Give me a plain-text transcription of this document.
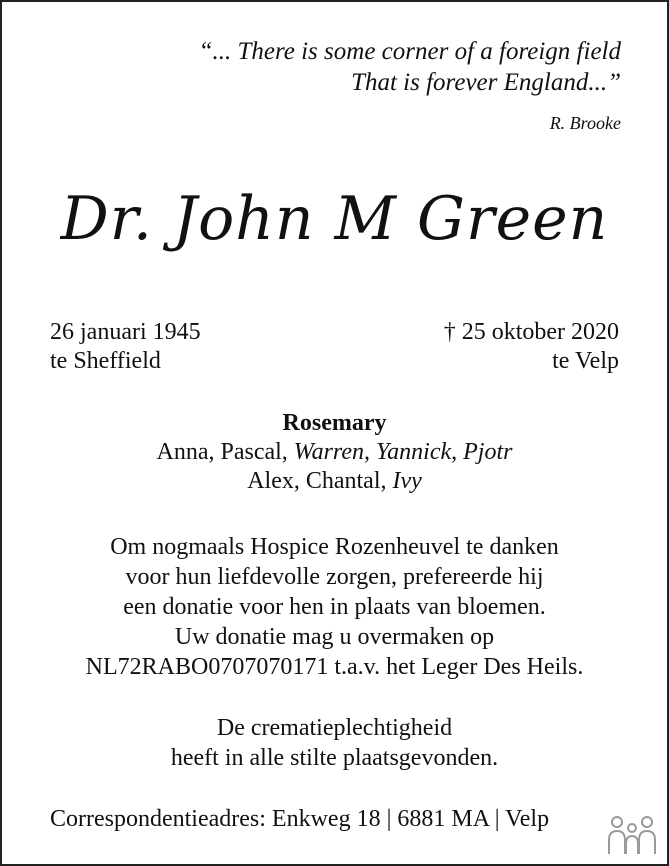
“... There is some corner of a foreign field
That is forever England...”
R. Brooke
Dr. John M Green
26 januari 1945
te Sheffield
† 25 oktober 2020
te Velp
Rosemary
Anna, Pascal, Warren, Yannick, Pjotr
Alex, Chantal, Ivy
Om nogmaals Hospice Rozenheuvel te danken
voor hun liefdevolle zorgen, prefereerde hij
een donatie voor hen in plaats van bloemen.
Uw donatie mag u overmaken op
NL72RABO0707070171 t.a.v. het Leger Des Heils.
De crematieplechtigheid
heeft in alle stilte plaatsgevonden.
Correspondentieadres: Enkweg 18 | 6881 MA | Velp
